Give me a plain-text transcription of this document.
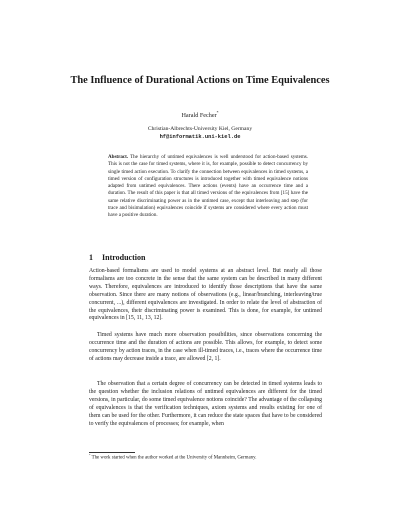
The Influence of Durational Actions on Time Equivalences
Harald Fecher*
Christian-Albrechts-University Kiel, Germany
hf@informatik.uni-kiel.de

Abstract. The hierarchy of untimed equivalences is well understood for action-based systems. This is not the case for timed systems, where it is, for example, possible to detect concurrency by single timed action execution. To clarify the connection between equivalences in timed systems, a timed version of configuration structures is introduced together with timed equivalence notions adapted from untimed equivalences. There actions (events) have an occurrence time and a duration. The result of this paper is that all timed versions of the equivalences from [15] have the same relative discriminating power as in the untimed case, except that interleaving and step (for trace and bisimulation) equivalences coincide if systems are considered where every action must have a positive duration.

1 Introduction

Action-based formalisms are used to model systems at an abstract level. But nearly all those formalisms are too concrete in the sense that the same system can be described in many different ways. Therefore, equivalences are introduced to identify those descriptions that have the same observation. Since there are many notions of observations (e.g., linear/branching, interleaving/true concurrent, ...), different equivalences are investigated. In order to relate the level of abstraction of the equivalences, their discriminating power is examined. This is done, for example, for untimed equivalences in [15, 11, 13, 12].

Timed systems have much more observation possibilities, since observations concerning the occurrence time and the duration of actions are possible. This allows, for example, to detect some concurrency by action traces, in the case when ill-timed traces, i.e., traces where the occurrence time of actions may decrease inside a trace, are allowed [2, 1].

The observation that a certain degree of concurrency can be detected in timed systems leads to the question whether the inclusion relations of untimed equivalences are different for the timed versions, in particular, do some timed equivalence notions coincide? The advantage of the collapsing of equivalences is that the verification techniques, axiom systems and results existing for one of them can be used for the other. Furthermore, it can reduce the state spaces that have to be considered to verify the equivalences of processes; for example, when

* The work started when the author worked at the University of Mannheim, Germany.
